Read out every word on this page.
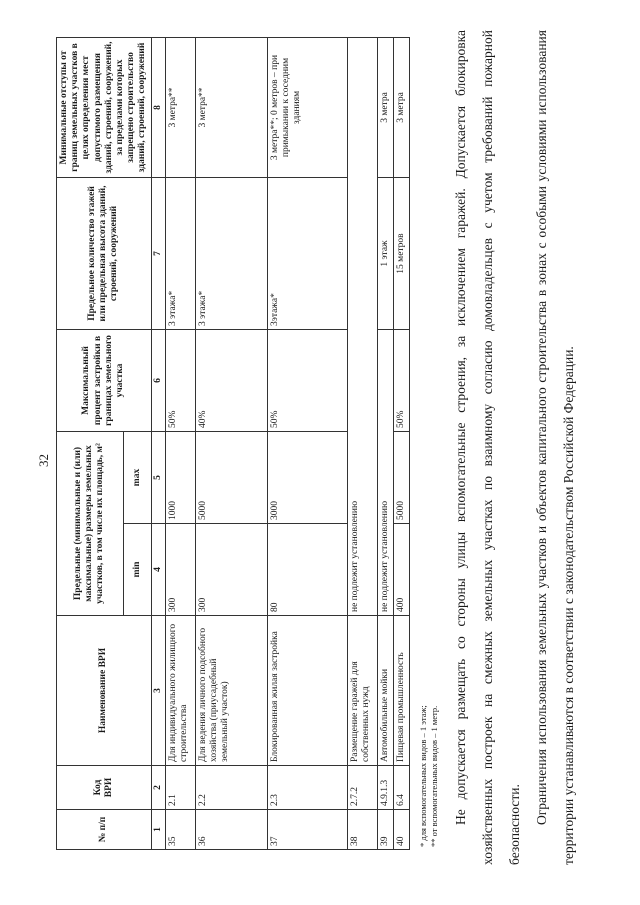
32
№ п/п	Код ВРИ	Наименование ВРИ	Предельные (минимальные и (или) максимальные) размеры земельных участков, в том числе их площадь, м²		Максимальный процент застройки в границах земельного участка	Предельное количество этажей или предельная высота зданий, строений, сооружений	Минимальные отступы от границ земельных участков в целях определения мест допустимого размещения зданий, строений, сооружений, за пределами которых запрещено строительство зданий, строений, сооружений
			min	max			
1	2	3	4	5	6	7	8
35	2.1	Для индивидуального жилищного строительства	300	1000	50%	3 этажа*	3 метра**
36	2.2	Для ведения личного подсобного хозяйства (приусадебный земельный участок)	300	5000	40%	3 этажа*	3 метра**
37	2.3	Блокированная жилая застройка	80	3000	50%	3этажа*	3 метра**; 0 метров – при примыкании к соседним зданиям
38	2.7.2	Размещение гаражей для собственных нужд	не подлежит установлению				
39	4.9.1.3	Автомобильные мойки	не подлежит установлению			1 этаж	3 метра
40	6.4	Пищевая промышленность	400	5000	50%	15 метров	3 метра
* для вспомогательных видов – 1 этаж; ** от вспомогательных видов – 1 метр.	Не допускается размещать со стороны улицы вспомогательные строения, за исключением гаражей. Допускается блокировка хозяйственных построек на смежных земельных участках по взаимному согласию домовладельцев с учетом требований пожарной безопасности. Ограничения использования земельных участков и объектов капитального строительства в зонах с особыми условиями использования территории устанавливаются в соответствии с законодательством Российской Федерации.
